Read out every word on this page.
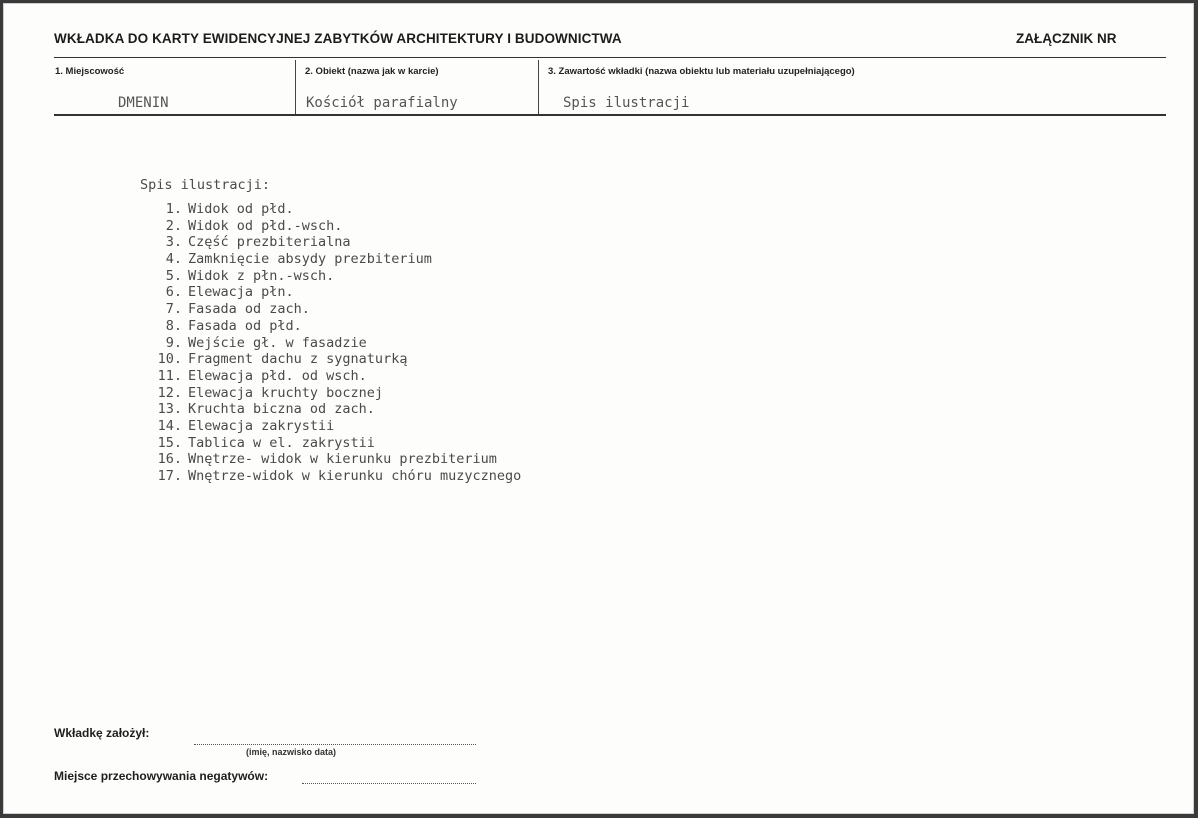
WKŁADKA DO KARTY EWIDENCYJNEJ ZABYTKÓW ARCHITEKTURY I BUDOWNICTWA	ZAŁĄCZNIK NR
1. Miejscowość	2. Obiekt (nazwa jak w karcie)	3. Zawartość wkładki (nazwa obiektu lub materiału uzupełniającego)
DMENIN	Kościół parafialny	Spis ilustracji
Spis ilustracji:
1. Widok od płd.
2. Widok od płd.-wsch.
3. Część prezbiterialna
4. Zamknięcie absydy prezbiterium
5. Widok z płn.-wsch.
6. Elewacja płn.
7. Fasada od zach.
8. Fasada od płd.
9. Wejście gł. w fasadzie
10. Fragment dachu z sygnaturką
11. Elewacja płd. od wsch.
12. Elewacja kruchty bocznej
13. Kruchta biczna od zach.
14. Elewacja zakrystii
15. Tablica w el. zakrystii
16. Wnętrze- widok w kierunku prezbiterium
17. Wnętrze-widok w kierunku chóru muzycznego
Wkładkę założył:
(imię, nazwisko data)
Miejsce przechowywania negatywów:
